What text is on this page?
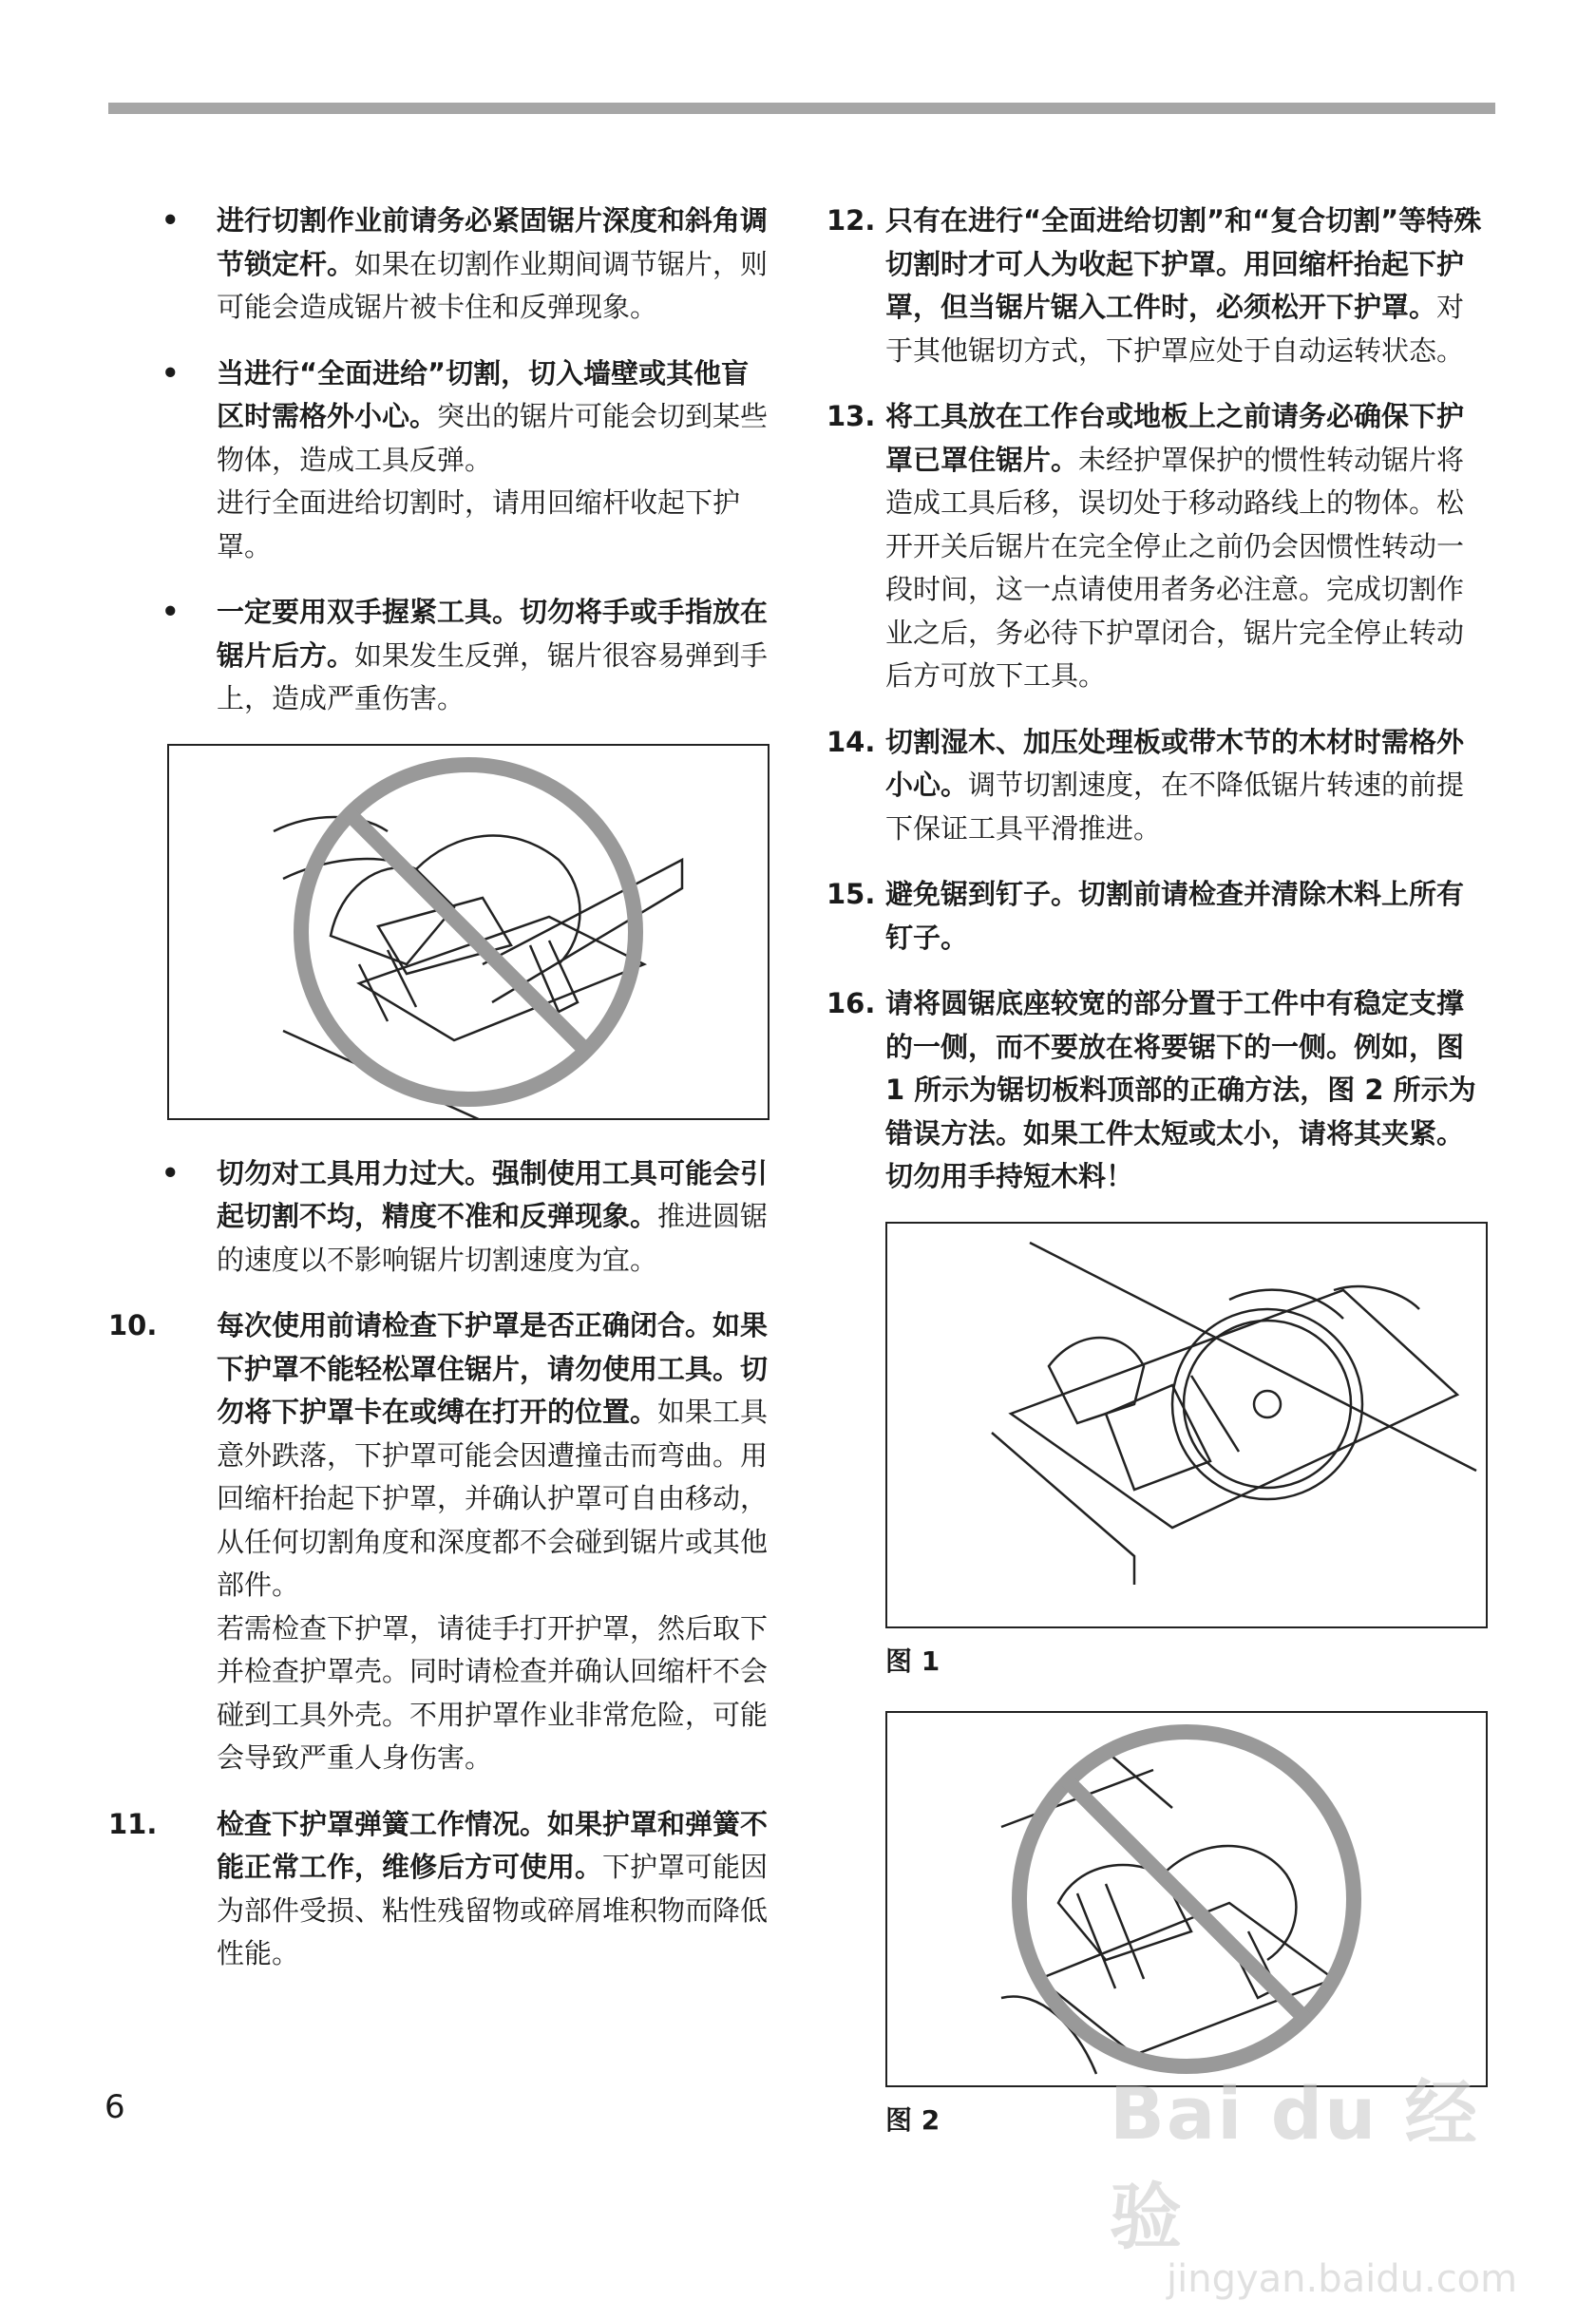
• 进行切割作业前请务必紧固锯片深度和斜角调节锁定杆。如果在切割作业期间调节锯片，则可能会造成锯片被卡住和反弹现象。

• 当进行“全面进给”切割，切入墙壁或其他盲区时需格外小心。突出的锯片可能会切到某些物体，造成工具反弹。

进行全面进给切割时，请用回缩杆收起下护罩。

• 一定要用双手握紧工具。切勿将手或手指放在锯片后方。如果发生反弹，锯片很容易弹到手上，造成严重伤害。

• 切勿对工具用力过大。强制使用工具可能会引起切割不均，精度不准和反弹现象。推进圆锯的速度以不影响锯片切割速度为宜。

10. 每次使用前请检查下护罩是否正确闭合。如果下护罩不能轻松罩住锯片，请勿使用工具。切勿将下护罩卡在或缚在打开的位置。如果工具意外跌落，下护罩可能会因遭撞击而弯曲。用回缩杆抬起下护罩，并确认护罩可自由移动，从任何切割角度和深度都不会碰到锯片或其他部件。

若需检查下护罩，请徒手打开护罩，然后取下并检查护罩壳。同时请检查并确认回缩杆不会碰到工具外壳。不用护罩作业非常危险，可能会导致严重人身伤害。

11. 检查下护罩弹簧工作情况。如果护罩和弹簧不能正常工作，维修后方可使用。下护罩可能因为部件受损、粘性残留物或碎屑堆积物而降低性能。

12. 只有在进行“全面进给切割”和“复合切割”等特殊切割时才可人为收起下护罩。用回缩杆抬起下护罩，但当锯片锯入工件时，必须松开下护罩。对于其他锯切方式，下护罩应处于自动运转状态。

13. 将工具放在工作台或地板上之前请务必确保下护罩已罩住锯片。未经护罩保护的惯性转动锯片将造成工具后移，误切处于移动路线上的物体。松开开关后锯片在完全停止之前仍会因惯性转动一段时间，这一点请使用者务必注意。完成切割作业之后，务必待下护罩闭合，锯片完全停止转动后方可放下工具。

14. 切割湿木、加压处理板或带木节的木材时需格外小心。调节切割速度，在不降低锯片转速的前提下保证工具平滑推进。

15. 避免锯到钉子。切割前请检查并清除木料上所有钉子。

16. 请将圆锯底座较宽的部分置于工件中有稳定支撑的一侧，而不要放在将要锯下的一侧。例如，图 1 所示为锯切板料顶部的正确方法，图 2 所示为错误方法。如果工件太短或太小，请将其夹紧。切勿用手持短木料！

图 1
图 2
6	Bai du 经验
jingyan.baidu.com
